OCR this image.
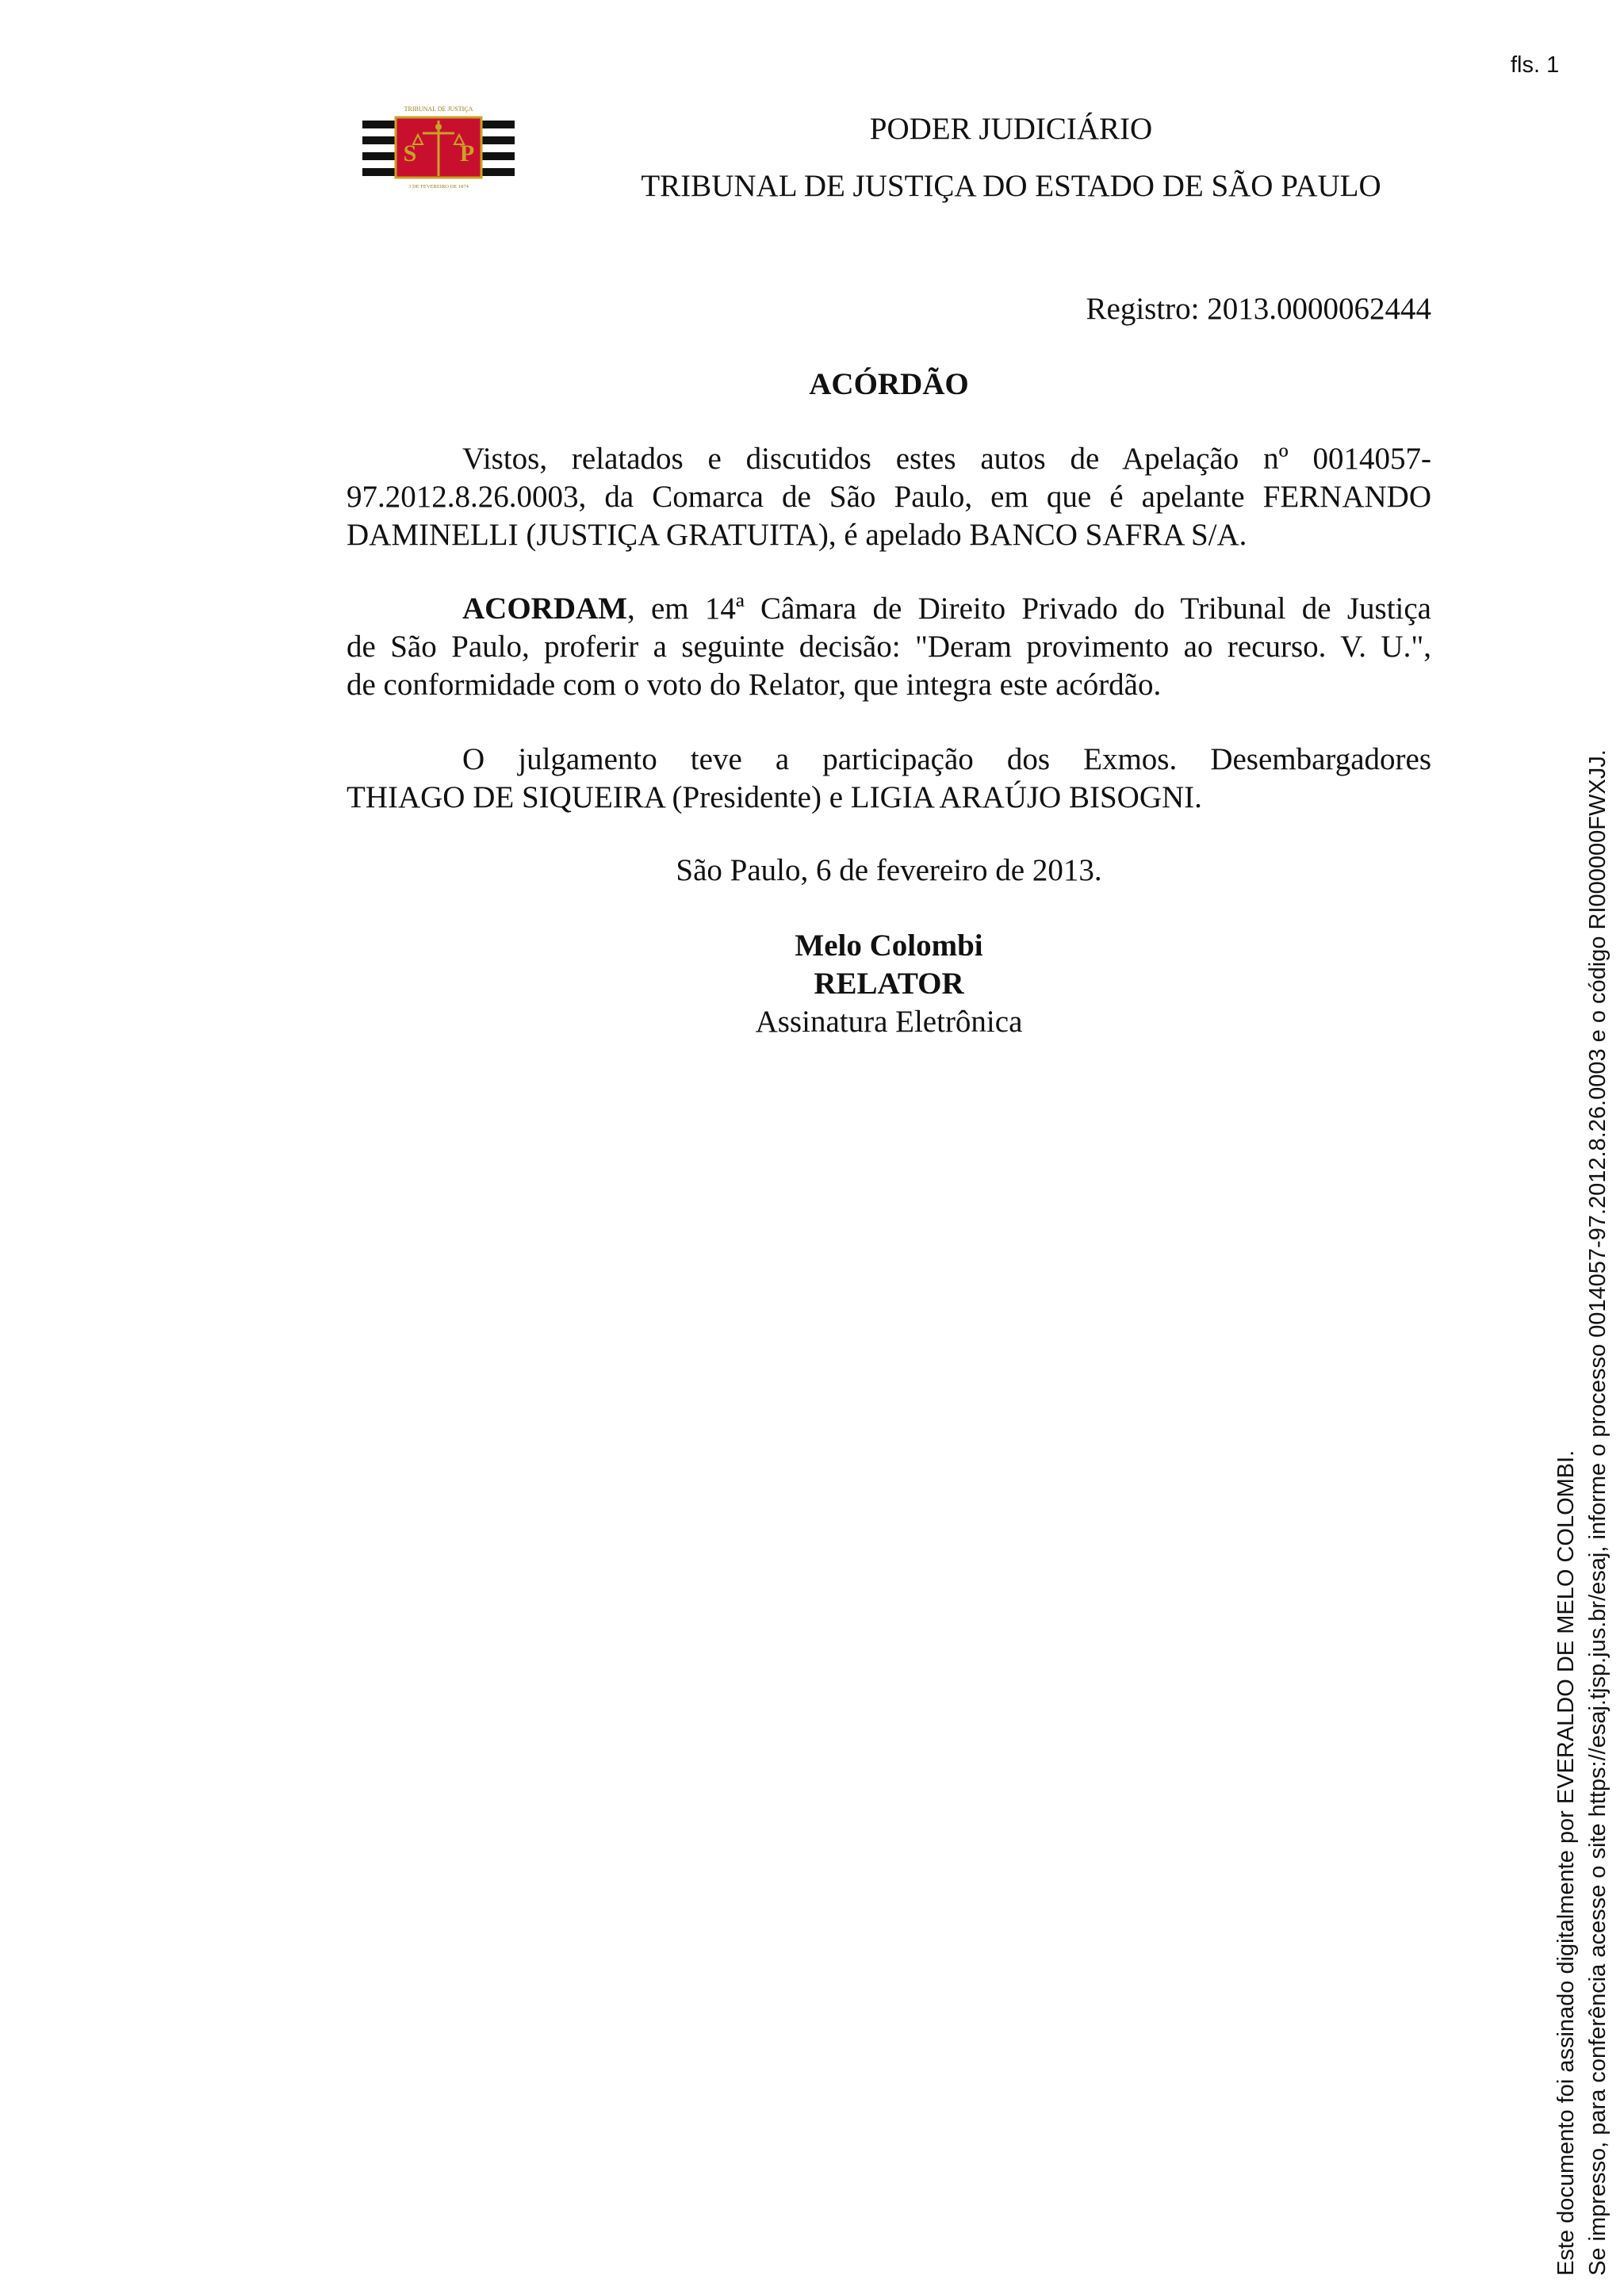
fls. 1
S P
TRIBUNAL DE JUSTIÇA
3 DE FEVEREIRO DE 1874
PODER JUDICIÁRIO
TRIBUNAL DE JUSTIÇA DO ESTADO DE SÃO PAULO
Registro: 2013.0000062444
ACÓRDÃO
Vistos, relatados e discutidos estes autos de Apelação nº 0014057-
97.2012.8.26.0003, da Comarca de São Paulo, em que é apelante FERNANDO
DAMINELLI (JUSTIÇA GRATUITA), é apelado BANCO SAFRA S/A.
ACORDAM, em 14ª Câmara de Direito Privado do Tribunal de Justiça
de São Paulo, proferir a seguinte decisão: "Deram provimento ao recurso. V. U.",
de conformidade com o voto do Relator, que integra este acórdão.
O julgamento teve a participação dos Exmos. Desembargadores
THIAGO DE SIQUEIRA (Presidente) e LIGIA ARAÚJO BISOGNI.
São Paulo, 6 de fevereiro de 2013.
Melo Colombi
RELATOR
Assinatura Eletrônica
Este documento foi assinado digitalmente por EVERALDO DE MELO COLOMBI. Se impresso, para conferência acesse o site https://esaj.tjsp.jus.br/esaj, informe o processo 0014057-97.2012.8.26.0003 e o código RI000000FWXJJ.
